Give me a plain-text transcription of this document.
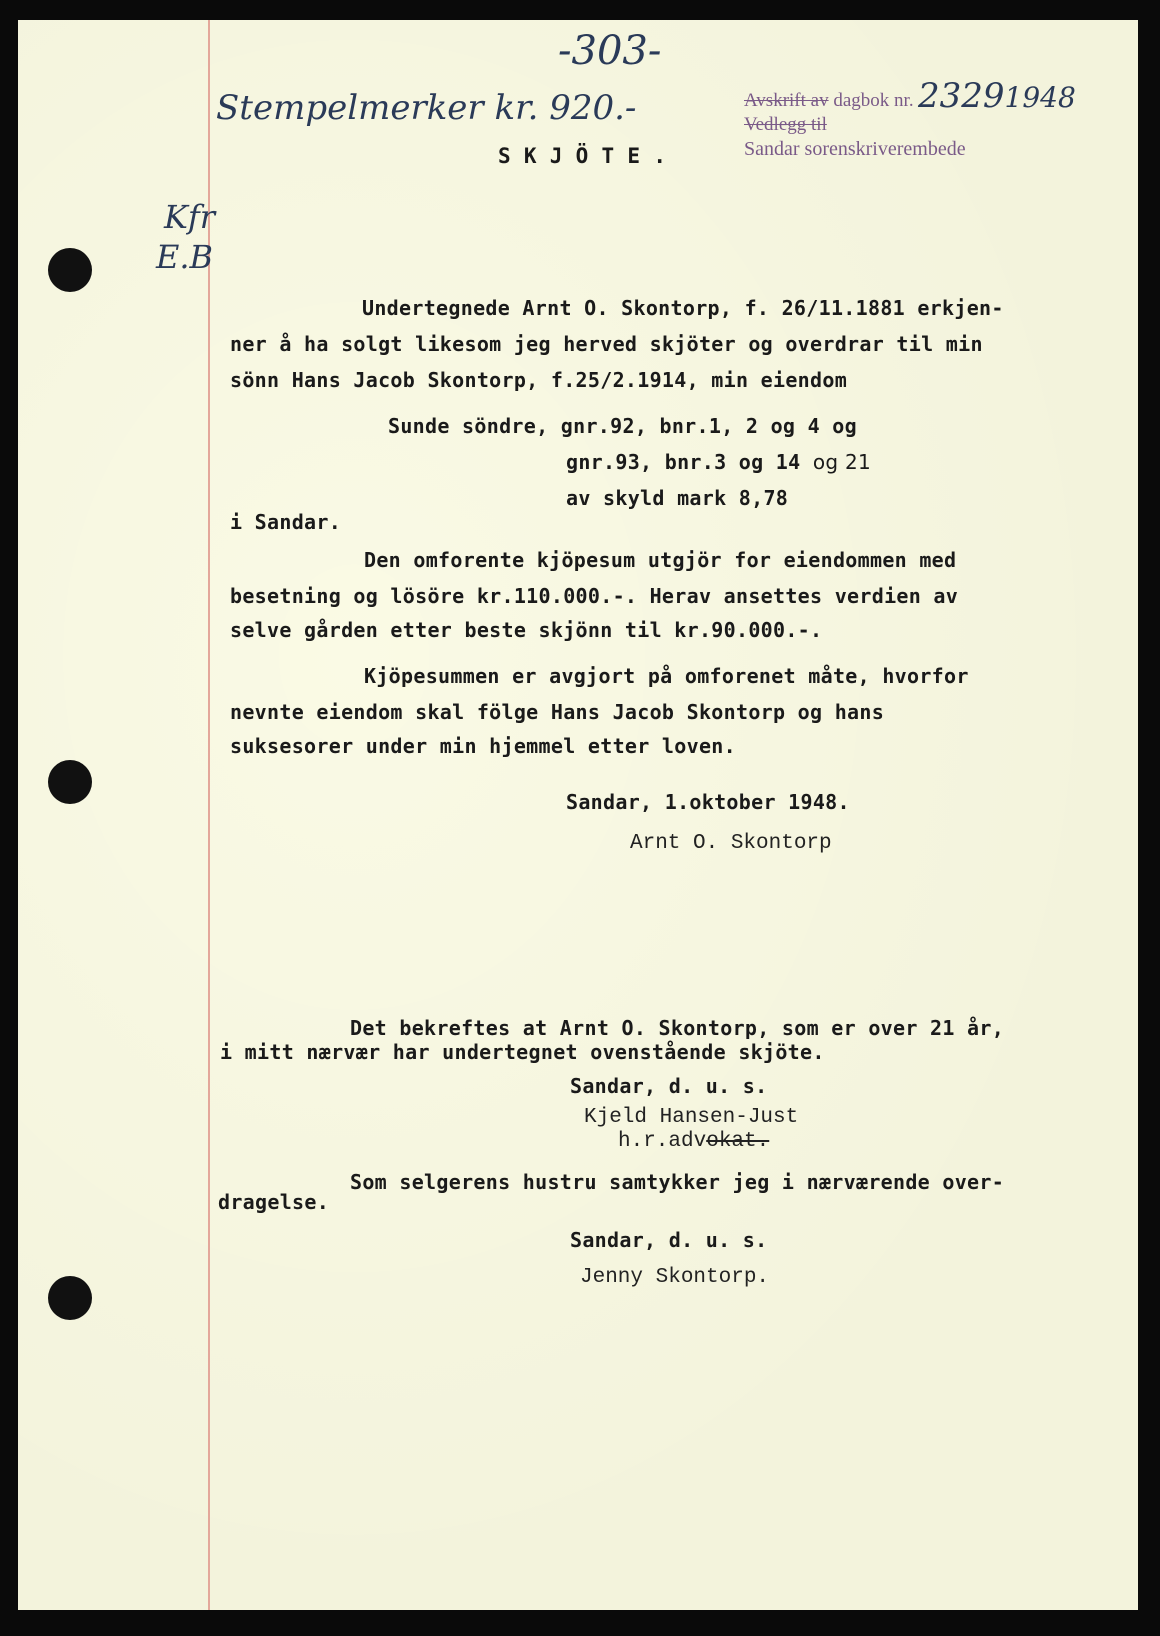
-303-
Stempelmerker kr. 920.-	Avskrift av dagbok nr. 23291948
Vedlegg til
Sandar sorenskriverembede
S K J Ö T E .
Kfr
E.B
Undertegnede Arnt O. Skontorp, f. 26/11.1881 erkjen-
ner å ha solgt likesom jeg herved skjöter og overdrar til min
sönn Hans Jacob Skontorp, f.25/2.1914, min eiendom
Sunde söndre, gnr.92, bnr.1, 2 og 4 og
gnr.93, bnr.3 og 14 og 21
av skyld mark 8,78
i Sandar.
Den omforente kjöpesum utgjör for eiendommen med
besetning og lösöre kr.110.000.-. Herav ansettes verdien av
selve gården etter beste skjönn til kr.90.000.-.
Kjöpesummen er avgjort på omforenet måte, hvorfor
nevnte eiendom skal fölge Hans Jacob Skontorp og hans
suksesorer under min hjemmel etter loven.
Sandar, 1.oktober 1948.
Arnt O. Skontorp
Det bekreftes at Arnt O. Skontorp, som er over 21 år,
i mitt nærvær har undertegnet ovenstående skjöte.
Sandar, d. u. s.
Kjeld Hansen-Just
h.r.advokat.
Som selgerens hustru samtykker jeg i nærværende over-
dragelse.
Sandar, d. u. s.
Jenny Skontorp.
